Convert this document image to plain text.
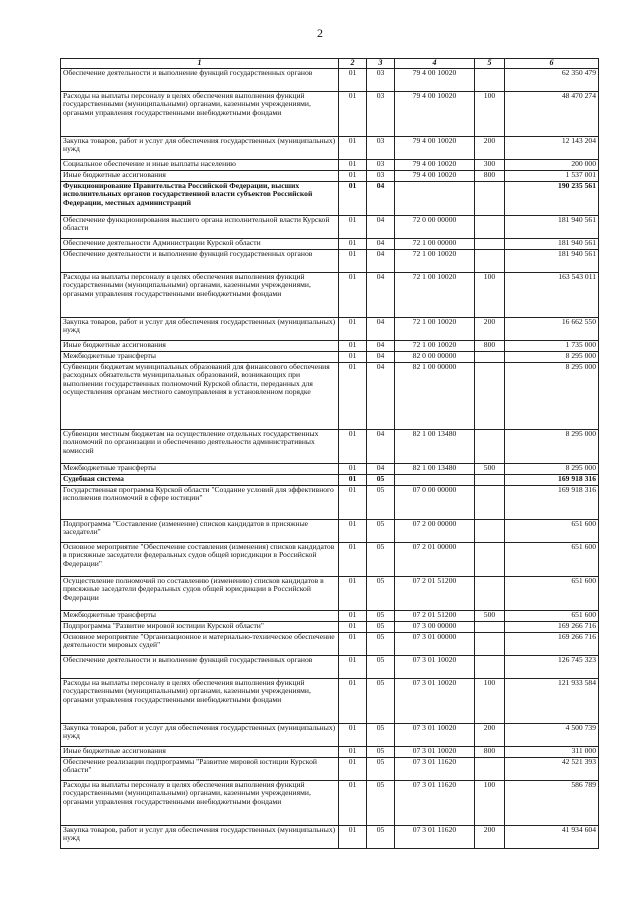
2
1	2	3	4	5	6
Обеспечение деятельности и выполнение функций государственных органов	01	03	79 4 00 10020		62 350 479
Расходы на выплаты персоналу в целях обеспечения выполнения функций государственными (муниципальными) органами, казенными учреждениями, органами управления государственными внебюджетными фондами	01	03	79 4 00 10020	100	48 470 274
Закупка товаров, работ и услуг для обеспечения государственных (муниципальных) нужд	01	03	79 4 00 10020	200	12 143 204
Социальное обеспечение и иные выплаты населению	01	03	79 4 00 10020	300	200 000
Иные бюджетные ассигнования	01	03	79 4 00 10020	800	1 537 001
Функционирование Правительства Российской Федерации, высших исполнительных органов государственной власти субъектов Российской Федерации, местных администраций	01	04			190 235 561
Обеспечение функционирования высшего органа исполнительной власти Курской области	01	04	72 0 00 00000		181 940 561
Обеспечение деятельности Администрации Курской области	01	04	72 1 00 00000		181 940 561
Обеспечение деятельности и выполнение функций государственных органов	01	04	72 1 00 10020		181 940 561
Расходы на выплаты персоналу в целях обеспечения выполнения функций государственными (муниципальными) органами, казенными учреждениями, органами управления государственными внебюджетными фондами	01	04	72 1 00 10020	100	163 543 011
Закупка товаров, работ и услуг для обеспечения государственных (муниципальных) нужд	01	04	72 1 00 10020	200	16 662 550
Иные бюджетные ассигнования	01	04	72 1 00 10020	800	1 735 000
Межбюджетные трансферты	01	04	82 0 00 00000		8 295 000
Субвенции бюджетам муниципальных образований для финансового обеспечения расходных обязательств муниципальных образований, возникающих при выполнении государственных полномочий Курской области, переданных для осуществления органам местного самоуправления в установленном порядке	01	04	82 1 00 00000		8 295 000
Субвенции местным бюджетам на осуществление отдельных государственных полномочий по организации и обеспечению деятельности административных комиссий	01	04	82 1 00 13480		8 295 000
Межбюджетные трансферты	01	04	82 1 00 13480	500	8 295 000
Судебная система	01	05			169 918 316
Государственная программа Курской области "Создание условий для эффективного исполнения полномочий в сфере юстиции"	01	05	07 0 00 00000		169 918 316
Подпрограмма "Составление (изменение) списков кандидатов в присяжные заседатели"	01	05	07 2 00 00000		651 600
Основное мероприятие "Обеспечение составления (изменения) списков кандидатов в присяжные заседатели федеральных судов общей юрисдикции в Российской Федерации"	01	05	07 2 01 00000		651 600
Осуществление полномочий по составлению (изменению) списков кандидатов в присяжные заседатели федеральных судов общей юрисдикции в Российской Федерации	01	05	07 2 01 51200		651 600
Межбюджетные трансферты	01	05	07 2 01 51200	500	651 600
Подпрограмма "Развитие мировой юстиции Курской области"	01	05	07 3 00 00000		169 266 716
Основное мероприятие "Организационное и материально-техническое обеспечение деятельности мировых судей"	01	05	07 3 01 00000		169 266 716
Обеспечение деятельности и выполнение функций государственных органов	01	05	07 3 01 10020		126 745 323
Расходы на выплаты персоналу в целях обеспечения выполнения функций государственными (муниципальными) органами, казенными учреждениями, органами управления государственными внебюджетными фондами	01	05	07 3 01 10020	100	121 933 584
Закупка товаров, работ и услуг для обеспечения государственных (муниципальных) нужд	01	05	07 3 01 10020	200	4 500 739
Иные бюджетные ассигнования	01	05	07 3 01 10020	800	311 000
Обеспечение реализации подпрограммы "Развитие мировой юстиции Курской области"	01	05	07 3 01 11620		42 521 393
Расходы на выплаты персоналу в целях обеспечения выполнения функций государственными (муниципальными) органами, казенными учреждениями, органами управления государственными внебюджетными фондами	01	05	07 3 01 11620	100	586 789
Закупка товаров, работ и услуг для обеспечения государственных (муниципальных) нужд	01	05	07 3 01 11620	200	41 934 604
